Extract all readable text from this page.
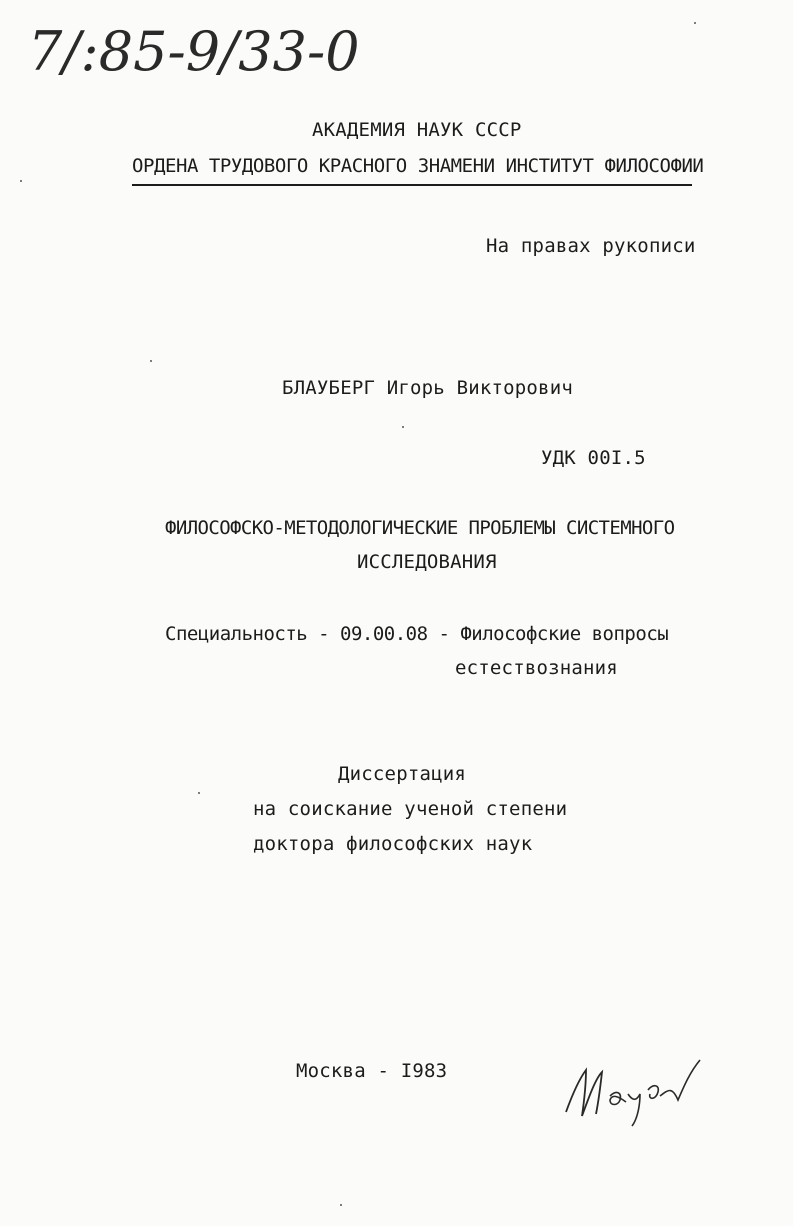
7/:85-9/33-0
АКАДЕМИЯ НАУК СССР
ОРДЕНА ТРУДОВОГО КРАСНОГО ЗНАМЕНИ ИНСТИТУТ ФИЛОСОФИИ
На правах рукописи
БЛАУБЕРГ Игорь Викторович
УДК 00I.5
ФИЛОСОФСКО-МЕТОДОЛОГИЧЕСКИЕ ПРОБЛЕМЫ СИСТЕМНОГО
ИССЛЕДОВАНИЯ
Специальность - 09.00.08 - Философские вопросы
естествознания
Диссертация
на соискание ученой степени
доктора философских наук
Москва - I983
